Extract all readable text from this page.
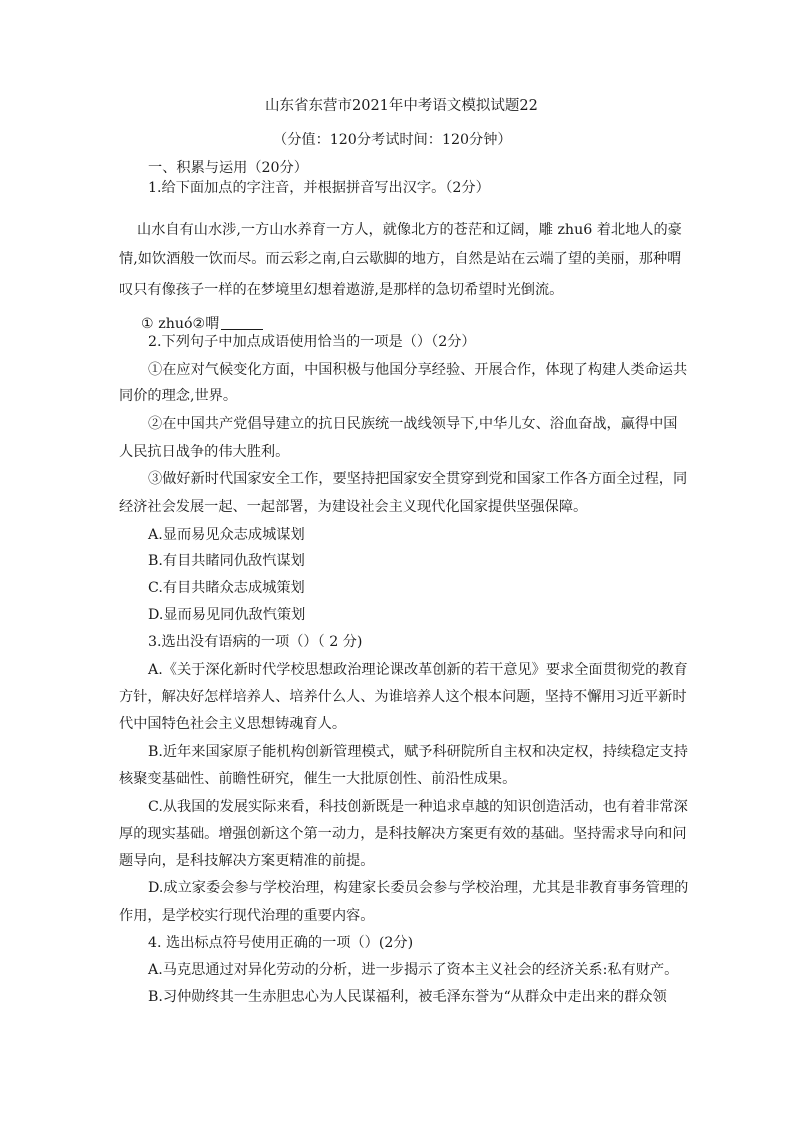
山东省东营市2021年中考语文模拟试题22
（分值：120分考试时间：120分钟）
一、积累与运用（20分）
1.给下面加点的字注音，并根据拼音写出汉字。（2分）
山水自有山水涉,一方山水养育一方人，就像北方的苍茫和辽阔，雕 zhu6 着北地人的豪
情,如饮酒般一饮而尽。而云彩之南,白云歇脚的地方，自然是站在云端了望的美丽，那种喟
叹只有像孩子一样的在梦境里幻想着遨游,是那样的急切希望时光倒流。
① zhuó②喟
2.下列句子中加点成语使用恰当的一项是（）（2分）
①在应对气候变化方面，中国积极与他国分享经验、开展合作，体现了构建人类命运共
同价的理念,世界。
②在中国共产党倡导建立的抗日民族统一战线领导下,中华儿女、浴血奋战，赢得中国
人民抗日战争的伟大胜利。
③做好新时代国家安全工作，要坚持把国家安全贯穿到党和国家工作各方面全过程，同
经济社会发展一起、一起部署，为建设社会主义现代化国家提供坚强保障。
A.显而易见众志成城谋划
B.有目共睹同仇敌忾谋划
C.有目共睹众志成城策划
D.显而易见同仇敌忾策划
3.选出没有语病的一项（）（ 2 分)
A.《关于深化新时代学校思想政治理论课改革创新的若干意见》要求全面贯彻党的教育
方针，解决好怎样培养人、培养什么人、为谁培养人这个根本问题，坚持不懈用习近平新时
代中国特色社会主义思想铸魂育人。
B.近年来国家原子能机构创新管理模式，赋予科研院所自主权和决定权，持续稳定支持
核聚变基础性、前瞻性研究，催生一大批原创性、前沿性成果。
C.从我国的发展实际来看，科技创新既是一种追求卓越的知识创造活动，也有着非常深
厚的现实基础。增强创新这个第一动力，是科技解决方案更有效的基础。坚持需求导向和问
题导向，是科技解决方案更精准的前提。
D.成立家委会参与学校治理，构建家长委员会参与学校治理，尤其是非教育事务管理的
作用，是学校实行现代治理的重要内容。
4. 选出标点符号使用正确的一项（）(2分)
A.马克思通过对异化劳动的分析，进一步揭示了资本主义社会的经济关系:私有财产。
B.习仲勋终其一生赤胆忠心为人民谋福利，被毛泽东誉为“从群众中走出来的群众领
